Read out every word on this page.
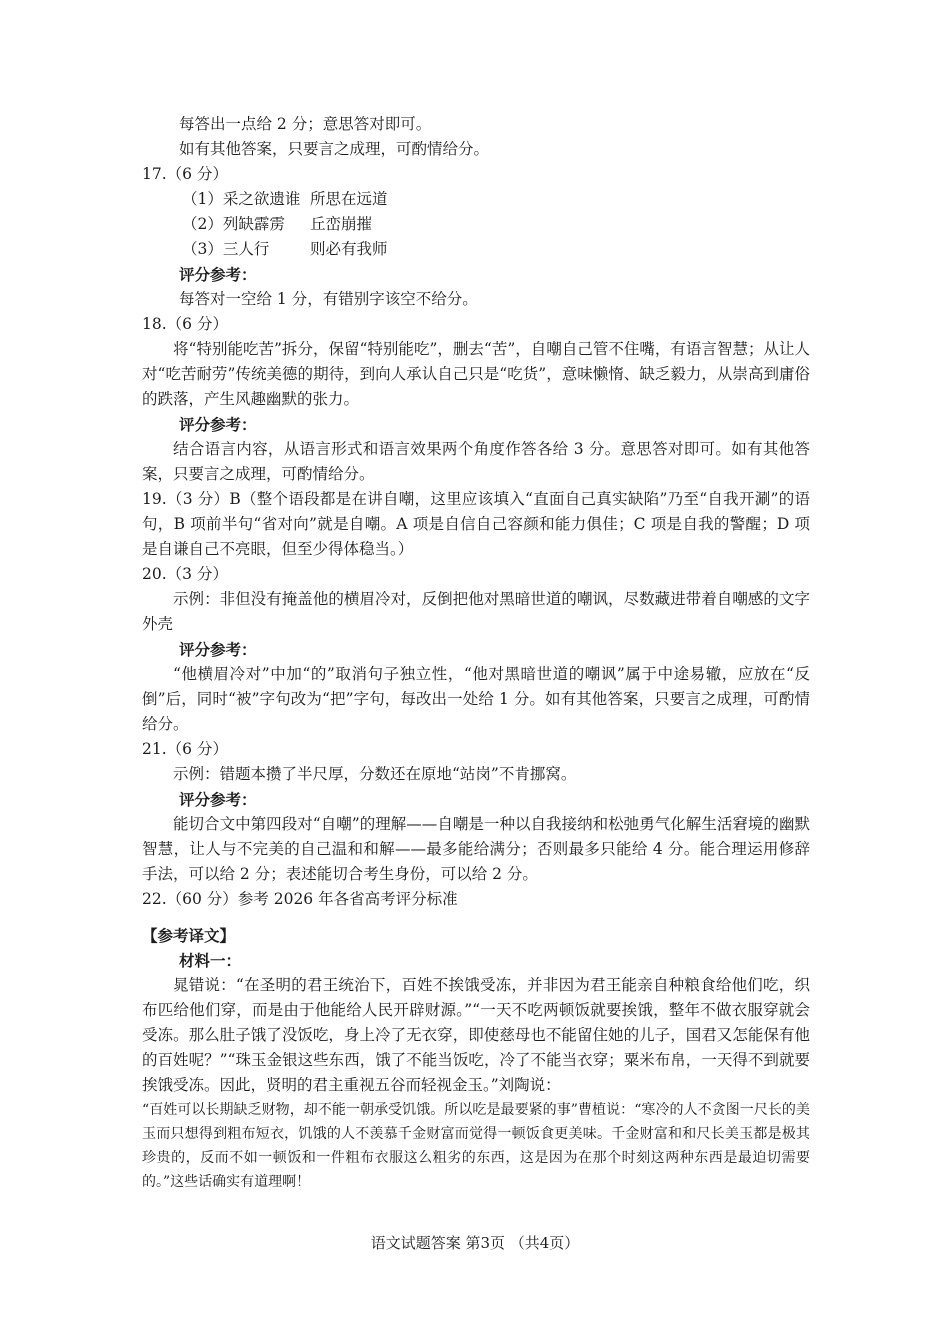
每答出一点给 2 分；意思答对即可。
如有其他答案，只要言之成理，可酌情给分。
17.（6 分）
（1）采之欲遗谁 所思在远道
（2）列缺霹雳 丘峦崩摧
（3）三人行	则必有我师
评分参考：
每答对一空给 1 分，有错别字该空不给分。
18.（6 分）
将“特别能吃苦”拆分，保留“特别能吃”，删去“苦”，自嘲自己管不住嘴，有语言智慧；从让人对“吃苦耐劳”传统美德的期待，到向人承认自己只是“吃货”，意味懒惰、缺乏毅力，从崇高到庸俗的跌落，产生风趣幽默的张力。
评分参考：
结合语言内容，从语言形式和语言效果两个角度作答各给 3 分。意思答对即可。如有其他答案，只要言之成理，可酌情给分。
19.（3 分）B（整个语段都是在讲自嘲，这里应该填入“直面自己真实缺陷”乃至“自我开涮”的语句，B 项前半句“省对向”就是自嘲。A 项是自信自己容颜和能力俱佳；C 项是自我的警醒；D 项是自谦自己不亮眼，但至少得体稳当。）
20.（3 分）
示例：非但没有掩盖他的横眉冷对，反倒把他对黑暗世道的嘲讽，尽数藏进带着自嘲感的文字外壳
评分参考：
“他横眉冷对”中加“的”取消句子独立性，“他对黑暗世道的嘲讽”属于中途易辙，应放在“反倒”后，同时“被”字句改为“把”字句，每改出一处给 1 分。如有其他答案，只要言之成理，可酌情给分。
21.（6 分）
示例：错题本攒了半尺厚，分数还在原地“站岗”不肯挪窝。
评分参考：
能切合文中第四段对“自嘲”的理解——自嘲是一种以自我接纳和松弛勇气化解生活窘境的幽默智慧，让人与不完美的自己温和和解——最多能给满分；否则最多只能给 4 分。能合理运用修辞手法，可以给 2 分；表述能切合考生身份，可以给 2 分。
22.（60 分）参考 2026 年各省高考评分标准
【参考译文】
材料一：
晁错说：“在圣明的君王统治下，百姓不挨饿受冻，并非因为君王能亲自种粮食给他们吃，织布匹给他们穿，而是由于他能给人民开辟财源。”“一天不吃两顿饭就要挨饿，整年不做衣服穿就会受冻。那么肚子饿了没饭吃，身上冷了无衣穿，即使慈母也不能留住她的儿子，国君又怎能保有他的百姓呢？”“珠玉金银这些东西，饿了不能当饭吃，冷了不能当衣穿；粟米布帛，一天得不到就要挨饿受冻。因此，贤明的君主重视五谷而轻视金玉。”刘陶说：
“百姓可以长期缺乏财物，却不能一朝承受饥饿。所以吃是最要紧的事”曹植说：“寒冷的人不贪图一尺长的美玉而只想得到粗布短衣，饥饿的人不羡慕千金财富而觉得一顿饭食更美味。千金财富和和尺长美玉都是极其珍贵的，反而不如一顿饭和一件粗布衣服这么粗劣的东西，这是因为在那个时刻这两种东西是最迫切需要的。”这些话确实有道理啊！
语文试题答案 第3页 （共4页）
